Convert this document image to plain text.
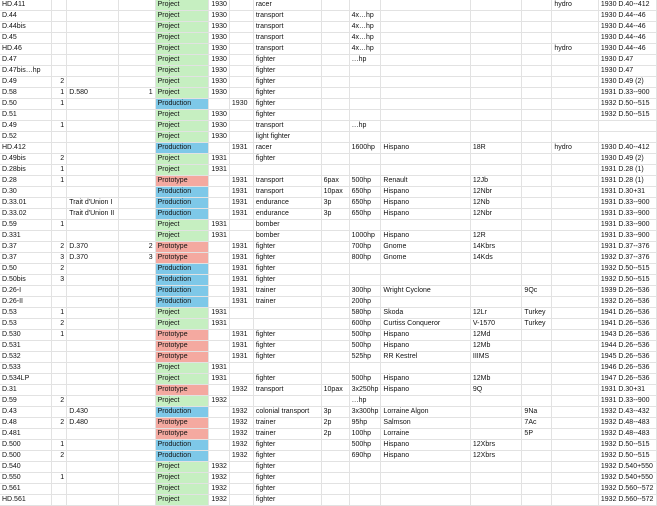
HD.411				Project	1930		racer						hydro	1930 D.40--412
D.44				Project	1930		transport		4x…hp					1930 D.44--46
D.44bis				Project	1930		transport		4x…hp					1930 D.44--46
D.45				Project	1930		transport		4x…hp					1930 D.44--46
HD.46				Project	1930		transport		4x…hp				hydro	1930 D.44--46
D.47				Project	1930		fighter		…hp					1930 D.47
D.47bis…hp				Project	1930		fighter							1930 D.47
D.49	2			Project	1930		fighter							1930 D.49 (2)
D.58	1	D.580	1	Project	1930		fighter							1931 D.33--900
D.50	1			Production		1930	fighter							1932 D.50--515
D.51				Project	1930		fighter							1932 D.50--515
D.49	1			Project	1930		transport		…hp					
D.52				Project	1930		light fighter							
HD.412				Production		1931	racer		1600hp	Hispano	18R		hydro	1930 D.40--412
D.49bis	2			Project	1931		fighter							1930 D.49 (2)
D.28bis	1			Project	1931									1931 D.28 (1)
D.28	1			Prototype		1931	transport	6pax	500hp	Renault	12Jb			1931 D.28 (1)
D.30				Production		1931	transport	10pax	650hp	Hispano	12Nbr			1931 D.30+31
D.33.01		Trait d'Union I		Production		1931	endurance	3p	650hp	Hispano	12Nb			1931 D.33--900
D.33.02		Trait d'Union II		Production		1931	endurance	3p	650hp	Hispano	12Nbr			1931 D.33--900
D.59	1			Project	1931		bomber							1931 D.33--900
D.331				Project	1931		bomber		1000hp	Hispano	12R			1931 D.33--900
D.37	2	D.370	2	Prototype		1931	fighter		700hp	Gnome	14Kbrs			1931 D.37--376
D.37	3	D.370	3	Prototype		1931	fighter		800hp	Gnome	14Kds			1932 D.37--376
D.50	2			Production		1931	fighter							1932 D.50--515
D.50bis	3			Production		1931	fighter							1932 D.50--515
D.26-I				Production		1931	trainer		300hp	Wright Cyclone		9Qc		1939 D.26--536
D.26-II				Production		1931	trainer		200hp					1932 D.26--536
D.53	1			Project	1931				580hp	Skoda	12Lr	Turkey		1941 D.26--536
D.53	2			Project	1931				600hp	Curtiss Conqueror	V-1570	Turkey		1941 D.26--536
D.530	1			Prototype		1931	fighter		500hp	Hispano	12Md			1943 D.26--536
D.531				Prototype		1931	fighter		500hp	Hispano	12Mb			1944 D.26--536
D.532				Prototype		1931	fighter		525hp	RR Kestrel	IIIMS			1945 D.26--536
D.533				Project	1931									1946 D.26--536
D.534LP				Project	1931		fighter		500hp	Hispano	12Mb			1947 D.26--536
D.31				Prototype		1932	transport	10pax	3x250hp	Hispano	9Q			1931 D.30+31
D.59	2			Project	1932				…hp					1931 D.33--900
D.43		D.430		Production		1932	colonial transport	3p	3x300hp	Lorraine Algon		9Na		1932 D.43--432
D.48	2	D.480		Prototype		1932	trainer	2p	95hp	Salmson		7Ac		1932 D.48--483
D.481				Prototype		1932	trainer	2p	100hp	Lorraine		5P		1932 D.48--483
D.500	1			Production		1932	fighter		500hp	Hispano	12Xbrs			1932 D.50--515
D.500	2			Production		1932	fighter		690hp	Hispano	12Xbrs			1932 D.50--515
D.540				Project	1932		fighter							1932 D.540+550
D.550	1			Project	1932		fighter							1932 D.540+550
D.561				Project	1932		fighter							1932 D.560--572
HD.561				Project	1932		fighter							1932 D.560--572
